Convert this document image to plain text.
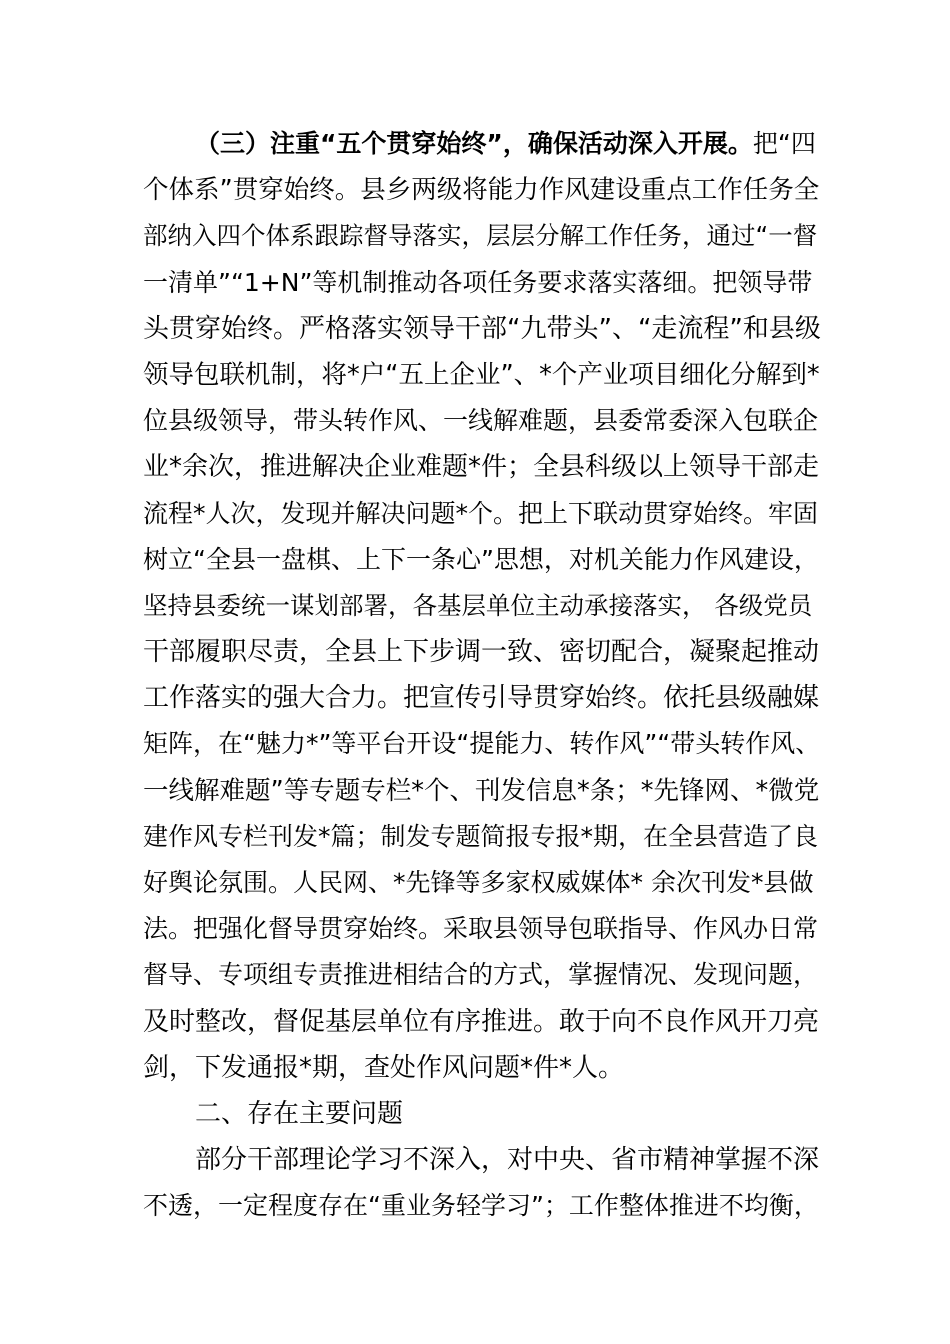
（三）注重“五个贯穿始终”，确保活动深入开展。把“四
个体系”贯穿始终。县乡两级将能力作风建设重点工作任务全
部纳入四个体系跟踪督导落实，层层分解工作任务，通过“一督
一清单”“1+N”等机制推动各项任务要求落实落细。把领导带
头贯穿始终。严格落实领导干部“九带头”、“走流程”和县级
领导包联机制，将*户“五上企业”、*个产业项目细化分解到*
位县级领导，带头转作风、一线解难题，县委常委深入包联企
业*余次，推进解决企业难题*件；全县科级以上领导干部走
流程*人次，发现并解决问题*个。把上下联动贯穿始终。牢固
树立“全县一盘棋、上下一条心”思想，对机关能力作风建设，
坚持县委统一谋划部署，各基层单位主动承接落实， 各级党员
干部履职尽责，全县上下步调一致、密切配合，凝聚起推动
工作落实的强大合力。把宣传引导贯穿始终。依托县级融媒
矩阵，在“魅力*”等平台开设“提能力、转作风”“带头转作风、
一线解难题”等专题专栏*个、刊发信息*条；*先锋网、*微党
建作风专栏刊发*篇；制发专题简报专报*期，在全县营造了良
好舆论氛围。人民网、*先锋等多家权威媒体* 余次刊发*县做
法。把强化督导贯穿始终。采取县领导包联指导、作风办日常
督导、专项组专责推进相结合的方式，掌握情况、发现问题，
及时整改，督促基层单位有序推进。敢于向不良作风开刀亮
剑，下发通报*期，查处作风问题*件*人。
二、存在主要问题
部分干部理论学习不深入，对中央、省市精神掌握不深
不透，一定程度存在“重业务轻学习”；工作整体推进不均衡，
